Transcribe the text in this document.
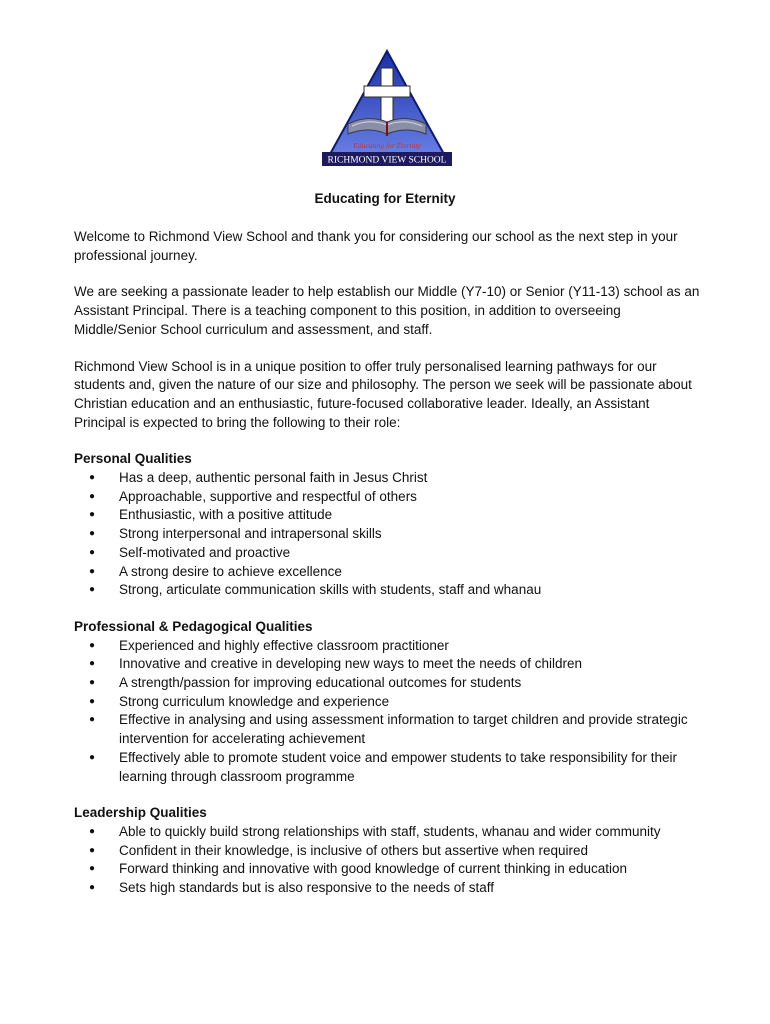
Educating for Eternity
RICHMOND VIEW SCHOOL
Educating for Eternity

Welcome to Richmond View School and thank you for considering our school as the next step in your professional journey.

We are seeking a passionate leader to help establish our Middle (Y7-10) or Senior (Y11-13) school as an Assistant Principal. There is a teaching component to this position, in addition to overseeing Middle/Senior School curriculum and assessment, and staff.

Richmond View School is in a unique position to offer truly personalised learning pathways for our students and, given the nature of our size and philosophy. The person we seek will be passionate about Christian education and an enthusiastic, future-focused collaborative leader. Ideally, an Assistant Principal is expected to bring the following to their role:

Personal Qualities
● Has a deep, authentic personal faith in Jesus Christ
● Approachable, supportive and respectful of others
● Enthusiastic, with a positive attitude
● Strong interpersonal and intrapersonal skills
● Self-motivated and proactive
● A strong desire to achieve excellence
● Strong, articulate communication skills with students, staff and whanau
Professional & Pedagogical Qualities
● Experienced and highly effective classroom practitioner
● Innovative and creative in developing new ways to meet the needs of children
● A strength/passion for improving educational outcomes for students
● Strong curriculum knowledge and experience
● Effective in analysing and using assessment information to target children and provide strategic intervention for accelerating achievement
● Effectively able to promote student voice and empower students to take responsibility for their learning through classroom programme
Leadership Qualities
● Able to quickly build strong relationships with staff, students, whanau and wider community
● Confident in their knowledge, is inclusive of others but assertive when required
● Forward thinking and innovative with good knowledge of current thinking in education
● Sets high standards but is also responsive to the needs of staff
